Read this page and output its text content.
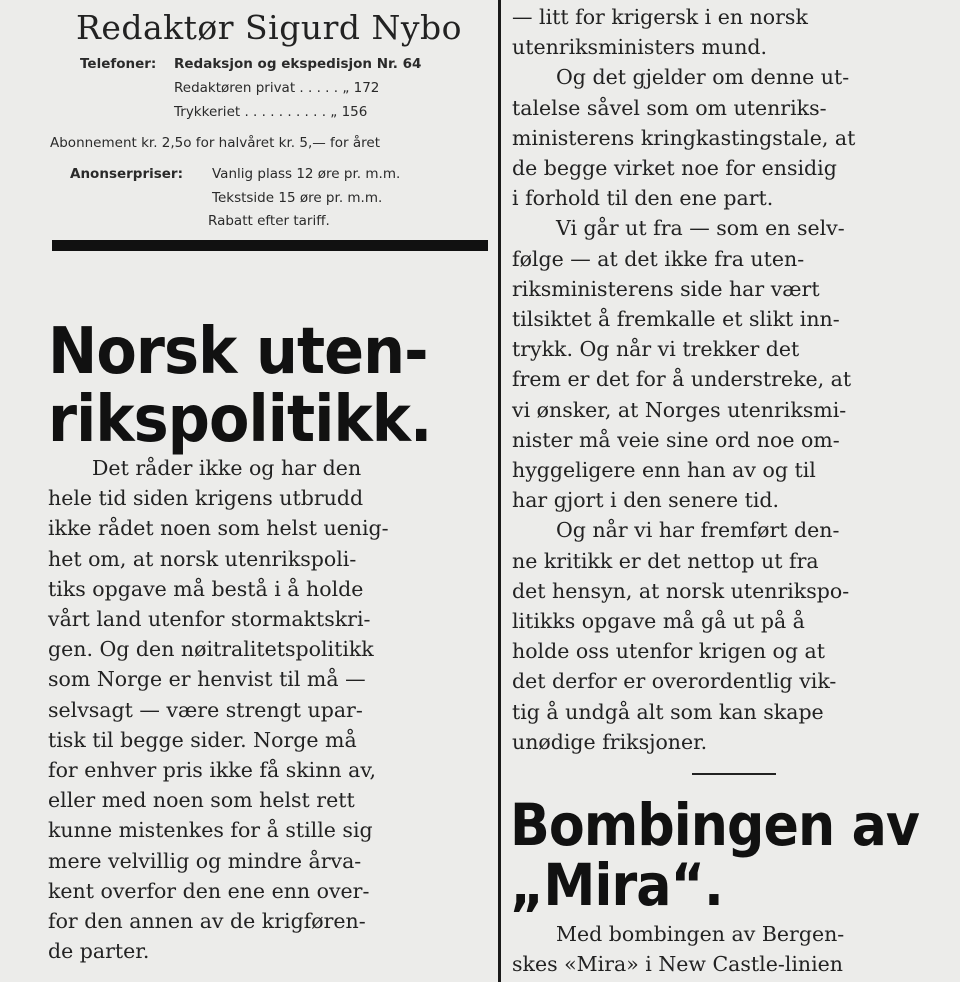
Redaktør Sigurd Nybo
Telefoner: Redaksjon og ekspedisjon Nr. 64
Redaktøren privat . . . . . „ 172
Trykkeriet . . . . . . . . . . „ 156
Abonnement kr. 2,5o for halvåret kr. 5,— for året
Anonserpriser: Vanlig plass 12 øre pr. m.m.
Tekstside 15 øre pr. m.m.
Rabatt efter tariff.
Norsk uten-
rikspolitikk.
Det råder ikke og har den
hele tid siden krigens utbrudd
ikke rådet noen som helst uenig-
het om, at norsk utenrikspoli-
tiks opgave må bestå i å holde
vårt land utenfor stormaktskri-
gen. Og den nøitralitetspolitikk
som Norge er henvist til må —
selvsagt — være strengt upar-
tisk til begge sider. Norge må
for enhver pris ikke få skinn av,
eller med noen som helst rett
kunne mistenkes for å stille sig
mere velvillig og mindre årva-
kent overfor den ene enn over-
for den annen av de krigføren-
de parter.
— litt for krigersk i en norsk
utenriksministers mund.
Og det gjelder om denne ut-
talelse såvel som om utenriks-
ministerens kringkastingstale, at
de begge virket noe for ensidig
i forhold til den ene part.
Vi går ut fra — som en selv-
følge — at det ikke fra uten-
riksministerens side har vært
tilsiktet å fremkalle et slikt inn-
trykk. Og når vi trekker det
frem er det for å understreke, at
vi ønsker, at Norges utenriksmi-
nister må veie sine ord noe om-
hyggeligere enn han av og til
har gjort i den senere tid.
Og når vi har fremført den-
ne kritikk er det nettop ut fra
det hensyn, at norsk utenrikspo-
litikks opgave må gå ut på å
holde oss utenfor krigen og at
det derfor er overordentlig vik-
tig å undgå alt som kan skape
unødige friksjoner.
Bombingen av
„Mira“.
Med bombingen av Bergen-
skes «Mira» i New Castle-linien
